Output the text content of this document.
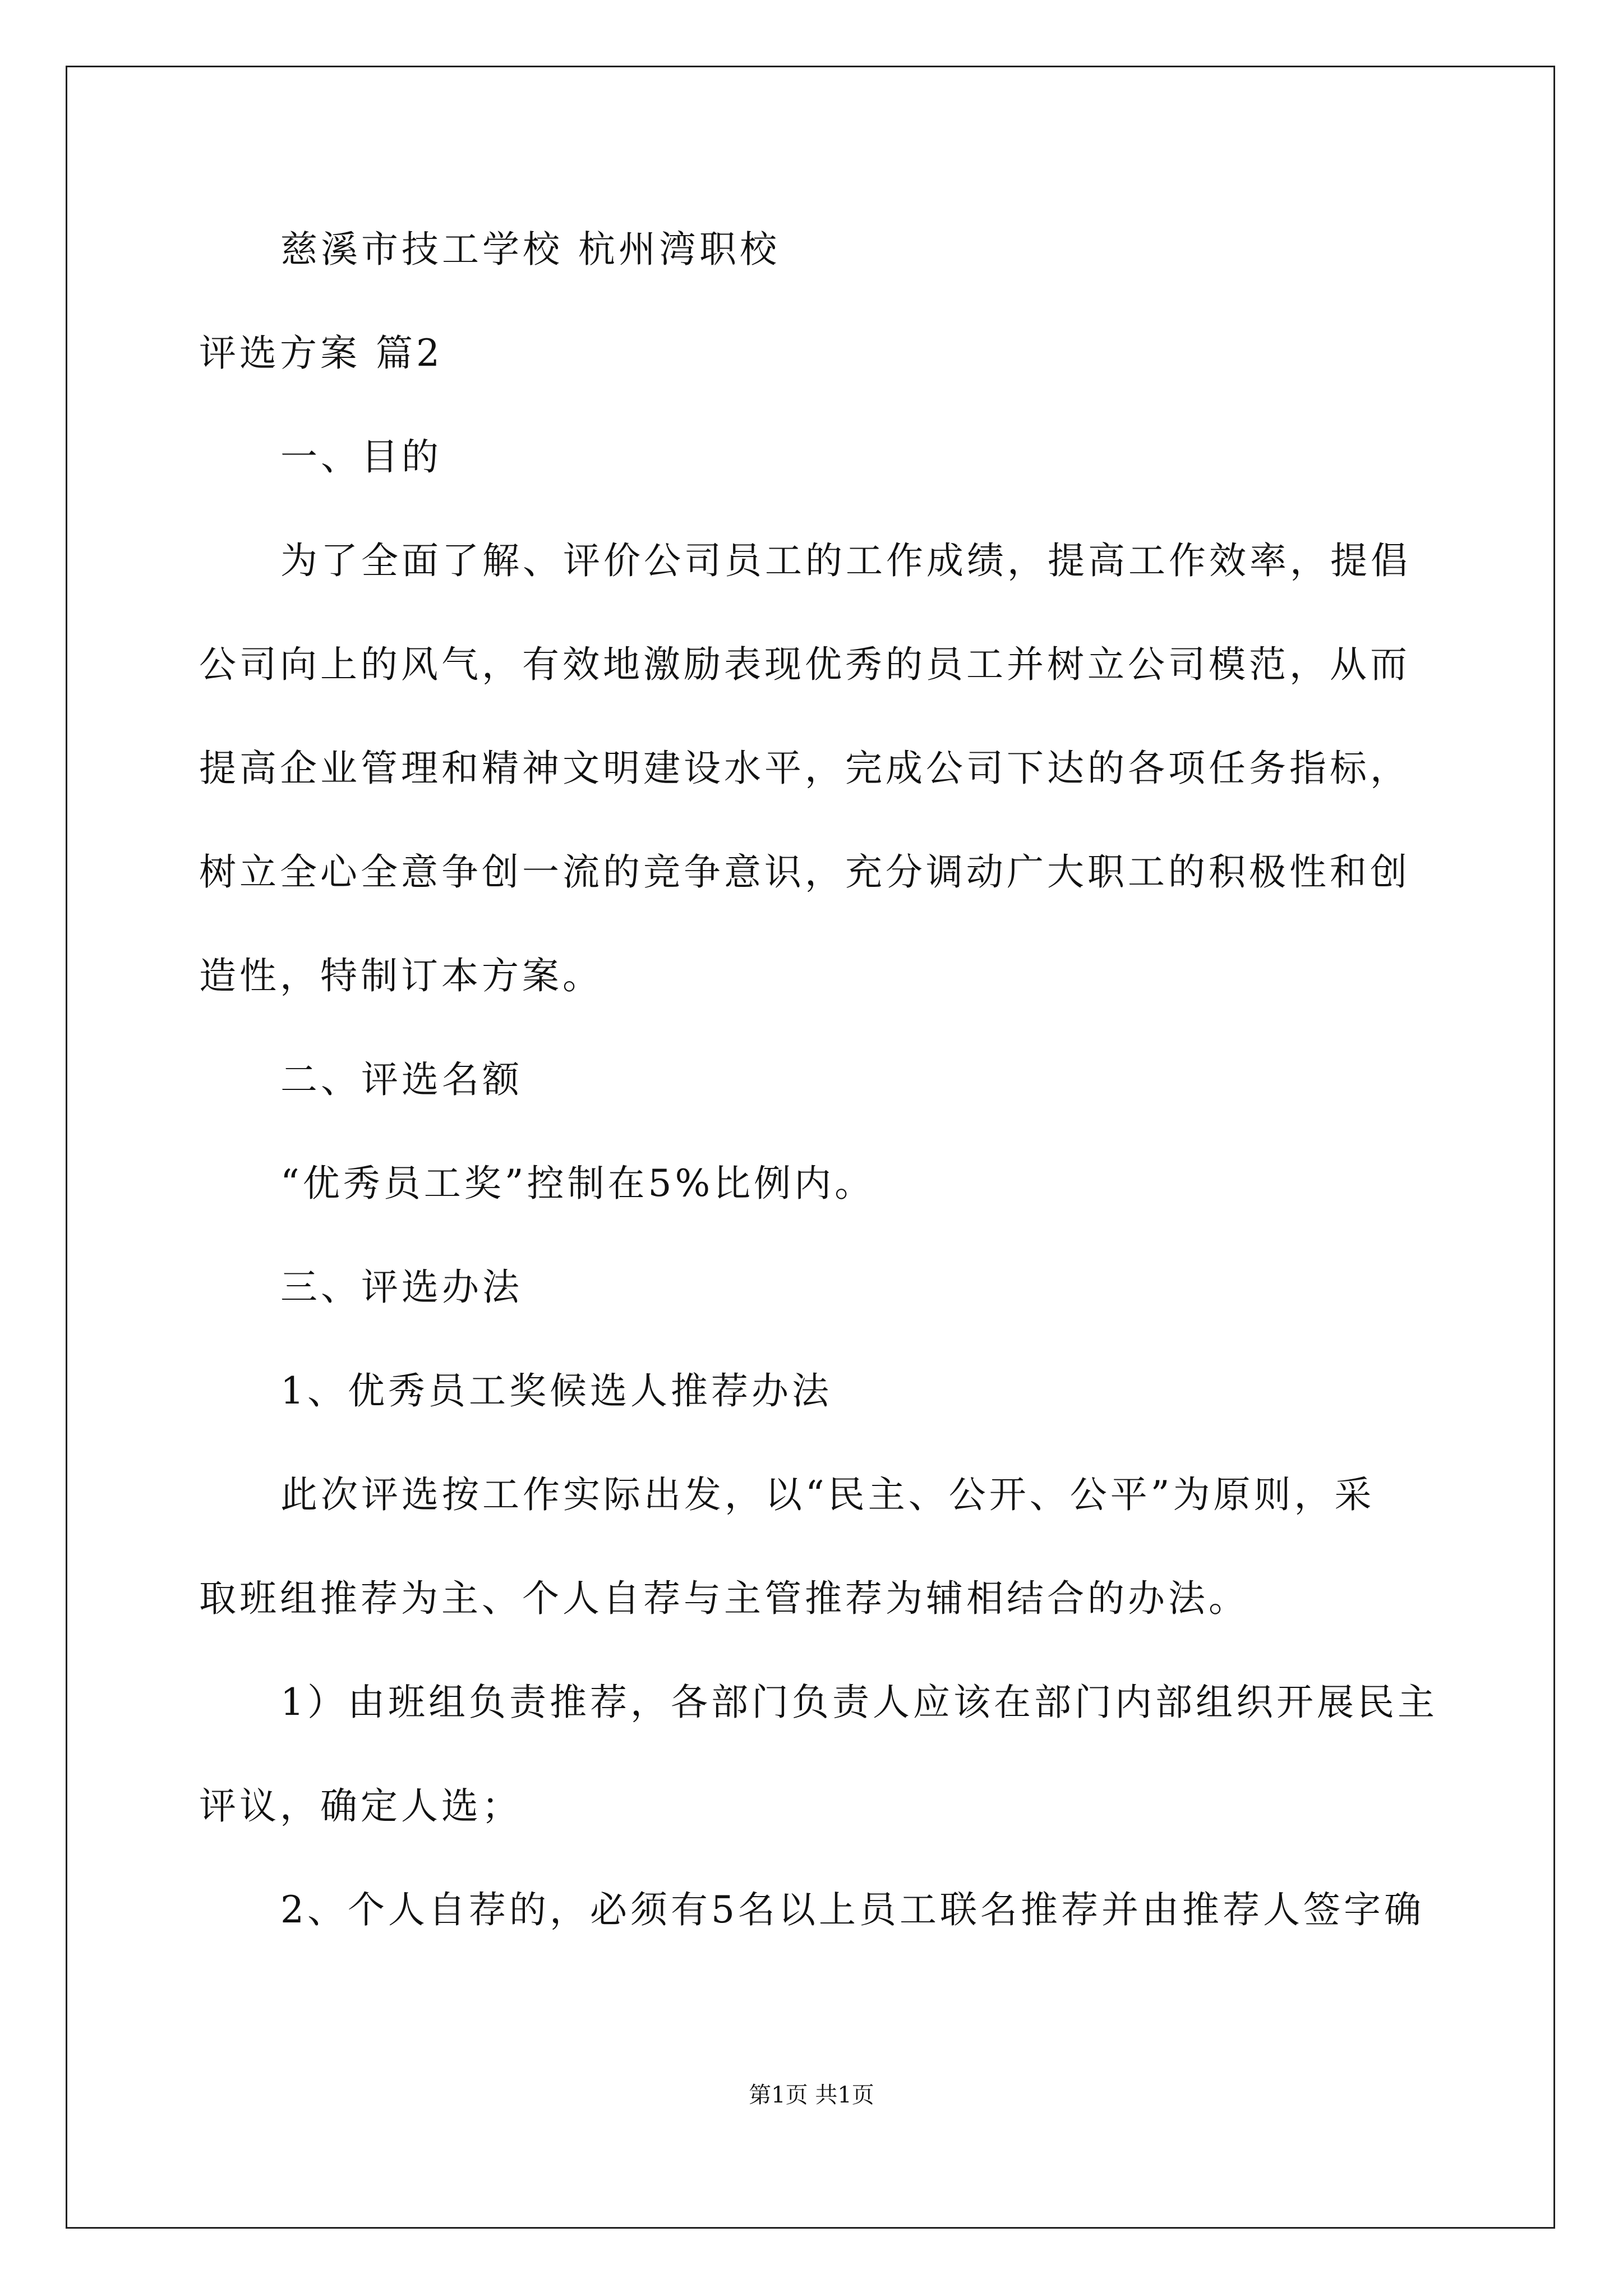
慈溪市技工学校 杭州湾职校
评选方案 篇2
一、目的
为了全面了解、评价公司员工的工作成绩，提高工作效率，提倡
公司向上的风气，有效地激励表现优秀的员工并树立公司模范，从而
提高企业管理和精神文明建设水平，完成公司下达的各项任务指标，
树立全心全意争创一流的竞争意识，充分调动广大职工的积极性和创
造性，特制订本方案。
二、评选名额
“优秀员工奖”控制在5%比例内。
三、评选办法
1、优秀员工奖候选人推荐办法
此次评选按工作实际出发，以“民主、公开、公平”为原则，采
取班组推荐为主、个人自荐与主管推荐为辅相结合的办法。
1）由班组负责推荐，各部门负责人应该在部门内部组织开展民主
评议，确定人选；
2、个人自荐的，必须有5名以上员工联名推荐并由推荐人签字确
第1页 共1页
